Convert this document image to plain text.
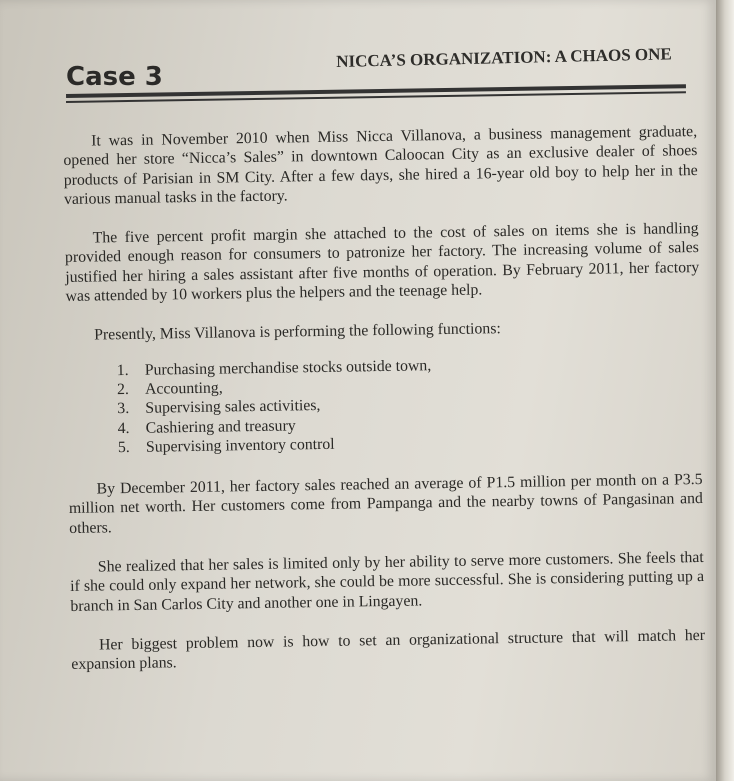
Case 3
NICCA’S ORGANIZATION: A CHAOS ONE

It was in November 2010 when Miss Nicca Villanova, a business management graduate, opened her store “Nicca’s Sales” in downtown Caloocan City as an exclusive dealer of shoes products of Parisian in SM City. After a few days, she hired a 16-year old boy to help her in the various manual tasks in the factory.

The five percent profit margin she attached to the cost of sales on items she is handling provided enough reason for consumers to patronize her factory. The increasing volume of sales justified her hiring a sales assistant after five months of operation. By February 2011, her factory was attended by 10 workers plus the helpers and the teenage help.

Presently, Miss Villanova is performing the following functions:

1. Purchasing merchandise stocks outside town,
2. Accounting,
3. Supervising sales activities,
4. Cashiering and treasury
5. Supervising inventory control

By December 2011, her factory sales reached an average of P1.5 million per month on a P3.5 million net worth. Her customers come from Pampanga and the nearby towns of Pangasinan and others.

She realized that her sales is limited only by her ability to serve more customers. She feels that if she could only expand her network, she could be more successful. She is considering putting up a branch in San Carlos City and another one in Lingayen.

Her biggest problem now is how to set an organizational structure that will match her expansion plans.
